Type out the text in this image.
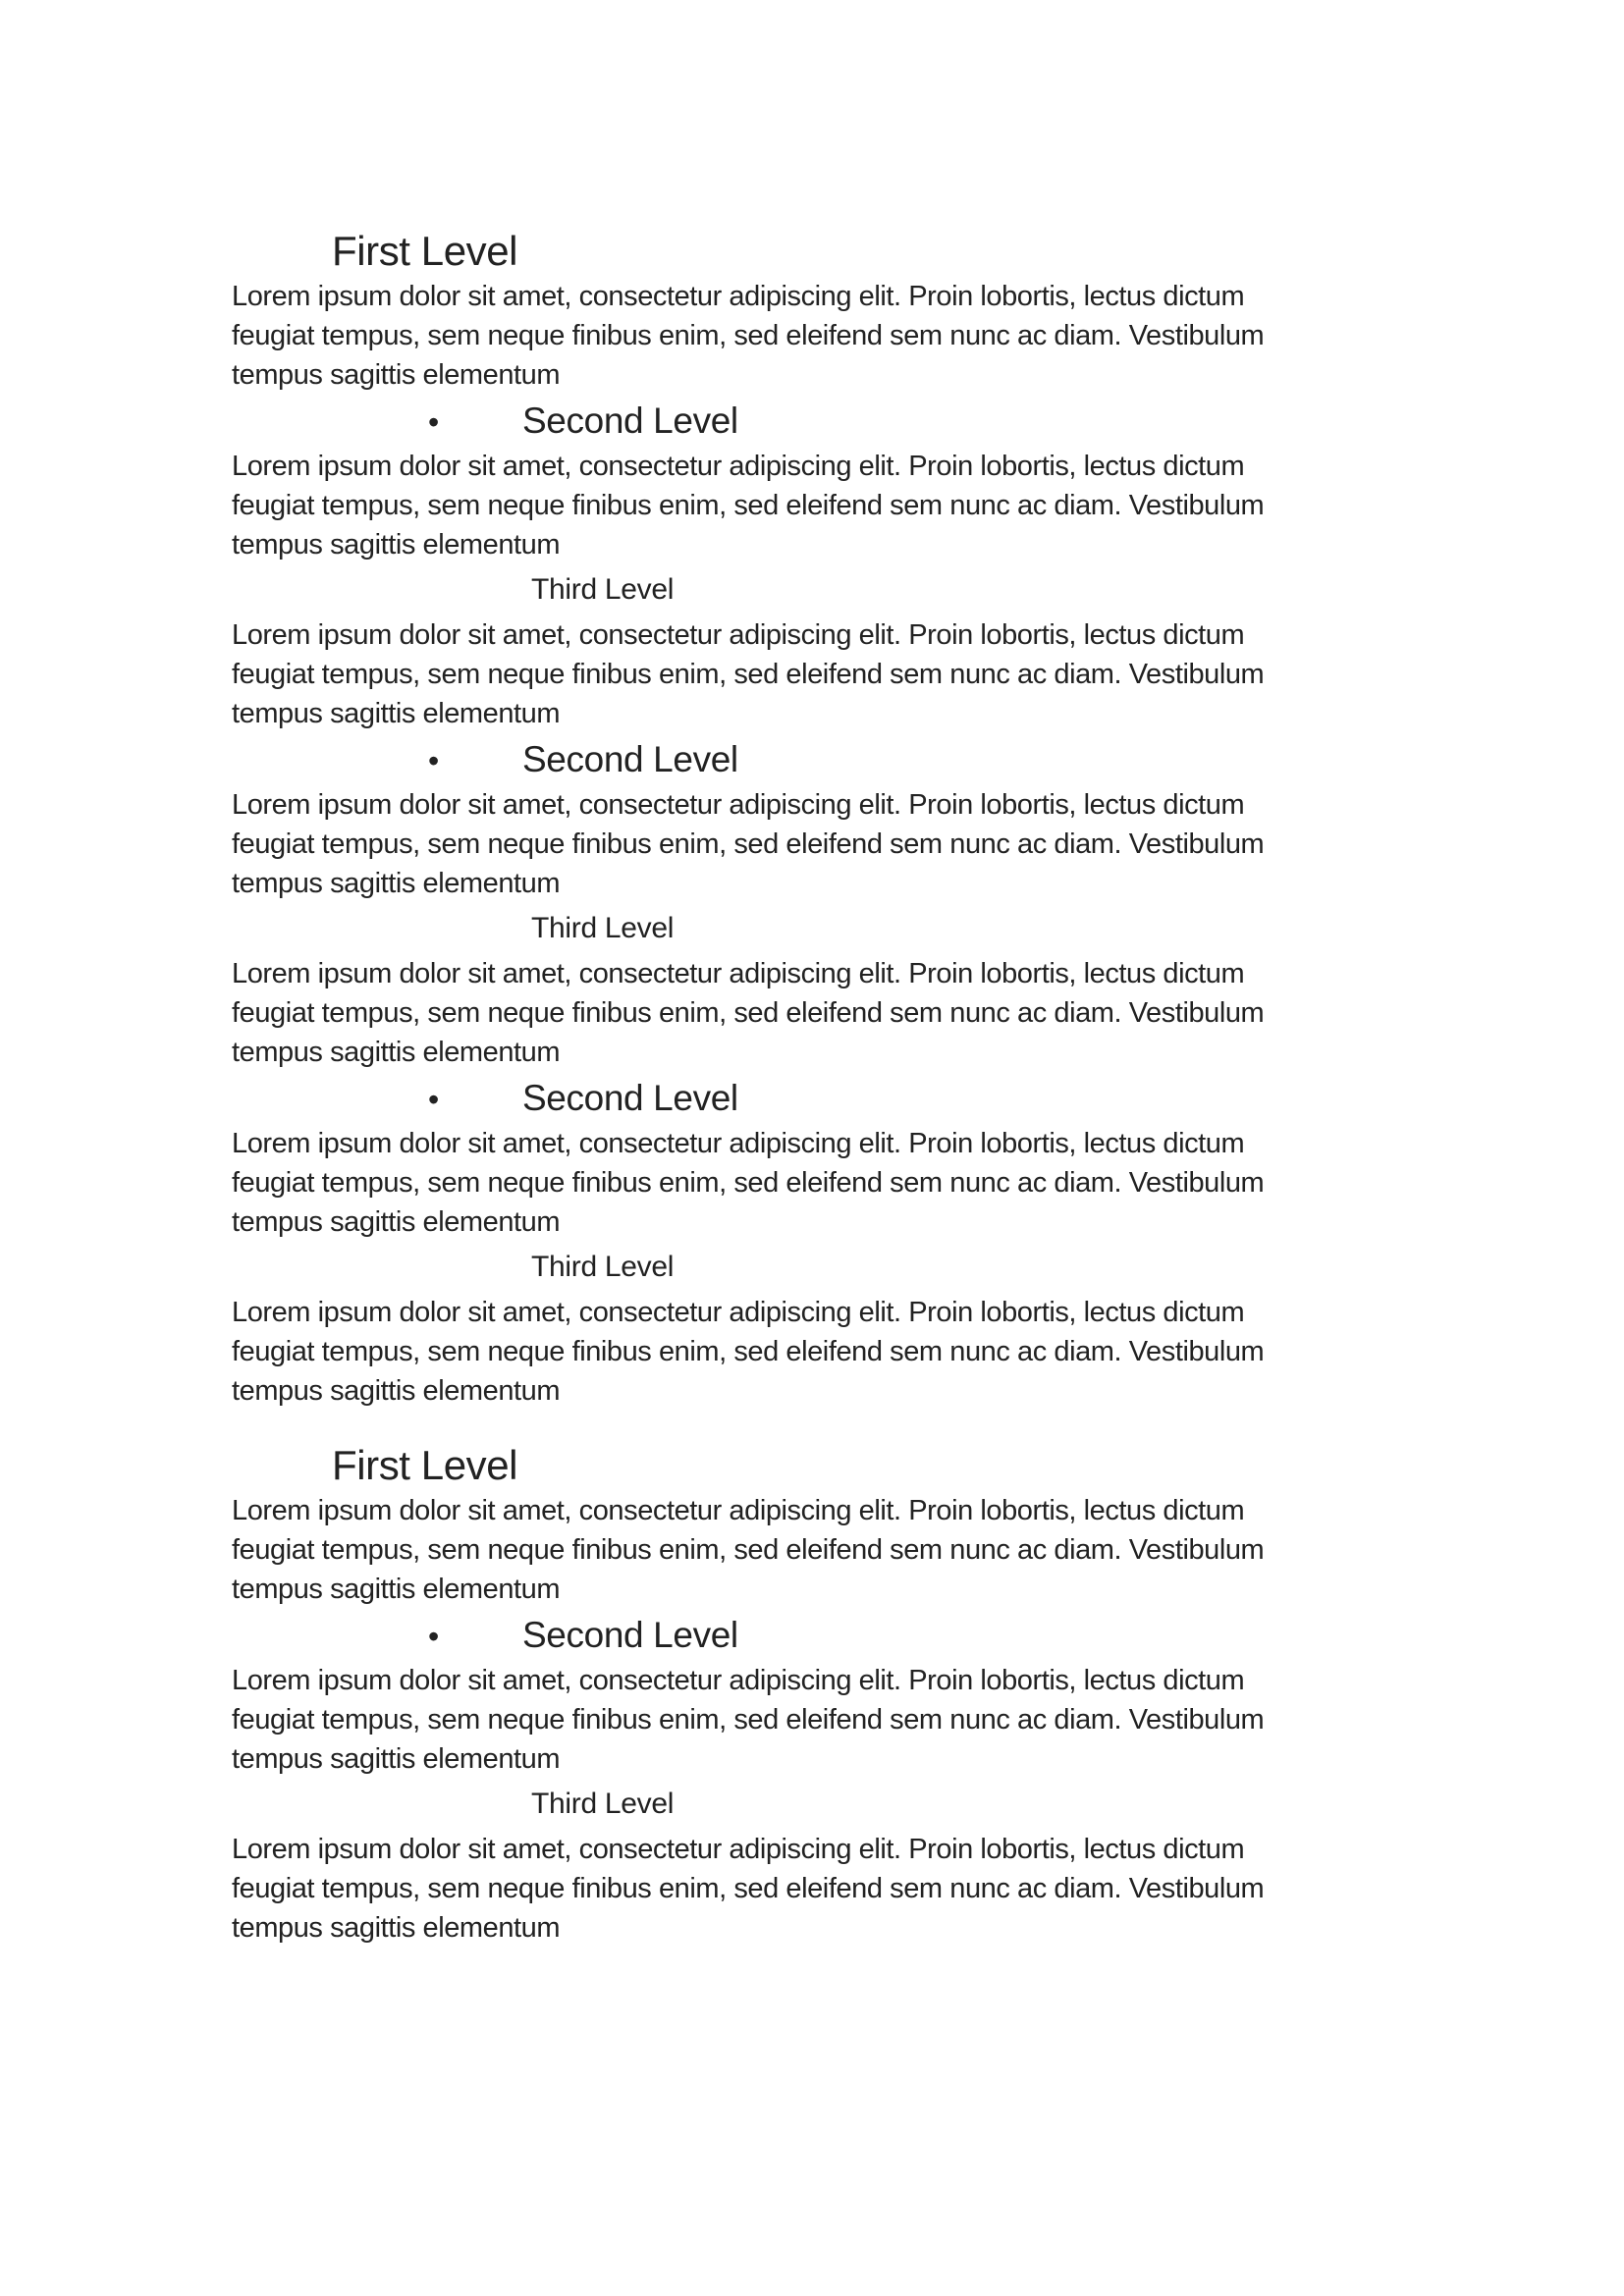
First Level
Lorem ipsum dolor sit amet, consectetur adipiscing elit. Proin lobortis, lectus dictum
feugiat tempus, sem neque finibus enim, sed eleifend sem nunc ac diam. Vestibulum
tempus sagittis elementum
• Second Level
Lorem ipsum dolor sit amet, consectetur adipiscing elit. Proin lobortis, lectus dictum
feugiat tempus, sem neque finibus enim, sed eleifend sem nunc ac diam. Vestibulum
tempus sagittis elementum
Third Level
Lorem ipsum dolor sit amet, consectetur adipiscing elit. Proin lobortis, lectus dictum
feugiat tempus, sem neque finibus enim, sed eleifend sem nunc ac diam. Vestibulum
tempus sagittis elementum
• Second Level
Lorem ipsum dolor sit amet, consectetur adipiscing elit. Proin lobortis, lectus dictum
feugiat tempus, sem neque finibus enim, sed eleifend sem nunc ac diam. Vestibulum
tempus sagittis elementum
Third Level
Lorem ipsum dolor sit amet, consectetur adipiscing elit. Proin lobortis, lectus dictum
feugiat tempus, sem neque finibus enim, sed eleifend sem nunc ac diam. Vestibulum
tempus sagittis elementum
• Second Level
Lorem ipsum dolor sit amet, consectetur adipiscing elit. Proin lobortis, lectus dictum
feugiat tempus, sem neque finibus enim, sed eleifend sem nunc ac diam. Vestibulum
tempus sagittis elementum
Third Level
Lorem ipsum dolor sit amet, consectetur adipiscing elit. Proin lobortis, lectus dictum
feugiat tempus, sem neque finibus enim, sed eleifend sem nunc ac diam. Vestibulum
tempus sagittis elementum
First Level
Lorem ipsum dolor sit amet, consectetur adipiscing elit. Proin lobortis, lectus dictum
feugiat tempus, sem neque finibus enim, sed eleifend sem nunc ac diam. Vestibulum
tempus sagittis elementum
• Second Level
Lorem ipsum dolor sit amet, consectetur adipiscing elit. Proin lobortis, lectus dictum
feugiat tempus, sem neque finibus enim, sed eleifend sem nunc ac diam. Vestibulum
tempus sagittis elementum
Third Level
Lorem ipsum dolor sit amet, consectetur adipiscing elit. Proin lobortis, lectus dictum
feugiat tempus, sem neque finibus enim, sed eleifend sem nunc ac diam. Vestibulum
tempus sagittis elementum
